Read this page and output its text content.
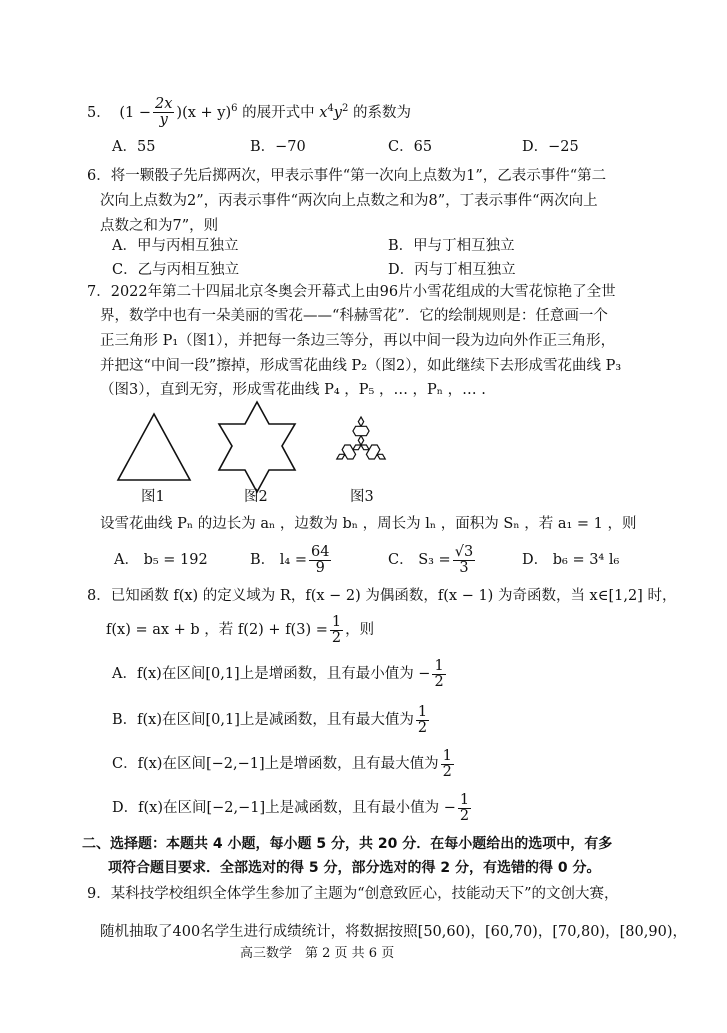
5． $(1 - \frac{2x}{y} )(x + y)^6$ 的展开式中 $x^4y^2$ 的系数为
A．55	B．−70	C．65	D．−25
6．将一颗骰子先后掷两次，甲表示事件“第一次向上点数为1”，乙表示事件“第二
次向上点数为2”，丙表示事件“两次向上点数之和为8”，丁表示事件“两次向上
点数之和为7”，则
A．甲与丙相互独立	B．甲与丁相互独立
C．乙与丙相互独立	D．丙与丁相互独立
7．2022年第二十四届北京冬奥会开幕式上由96片小雪花组成的大雪花惊艳了全世
界，数学中也有一朵美丽的雪花——“科赫雪花”．它的绘制规则是：任意画一个
正三角形 P₁（图1），并把每一条边三等分，再以中间一段为边向外作正三角形，
并把这“中间一段”擦掉，形成雪花曲线 P₂（图2），如此继续下去形成雪花曲线 P₃
（图3），直到无穷，形成雪花曲线 P₄ ，P₅ ，… ，Pₙ ，… .
图1	图2	图3
设雪花曲线 Pₙ 的边长为 aₙ ，边数为 bₙ ，周长为 lₙ ，面积为 Sₙ ，若 a₁ = 1 ，则
A． b₅ = 192	B． $l_4 = \frac{64}{9}$	C． $S_3 = \frac{√3}{3}$	D． b₆ = 3⁴ l₆
8．已知函数 f(x) 的定义域为 R，f(x − 2) 为偶函数，f(x − 1) 为奇函数，当 x∈[1,2] 时，
f(x) = ax + b ，若 $f(2) + f(3) = \frac{1}{2}$ ，则
A．f(x)在区间[0,1]上是增函数，且有最小值为 − $\frac{1}{2}$
B．f(x)在区间[0,1]上是减函数，且有最大值为 $\frac{1}{2}$
C．f(x)在区间[−2,−1]上是增函数，且有最大值为 $\frac{1}{2}$
D．f(x)在区间[−2,−1]上是减函数，且有最小值为 − $\frac{1}{2}$
二、选择题：本题共 4 小题，每小题 5 分，共 20 分．在每小题给出的选项中，有多
项符合题目要求．全部选对的得 5 分，部分选对的得 2 分，有选错的得 0 分。
9．某科技学校组织全体学生参加了主题为“创意致匠心，技能动天下”的文创大赛，
随机抽取了400名学生进行成绩统计，将数据按照[50,60)，[60,70)，[70,80)，[80,90)，
高三数学　第 2 页 共 6 页
